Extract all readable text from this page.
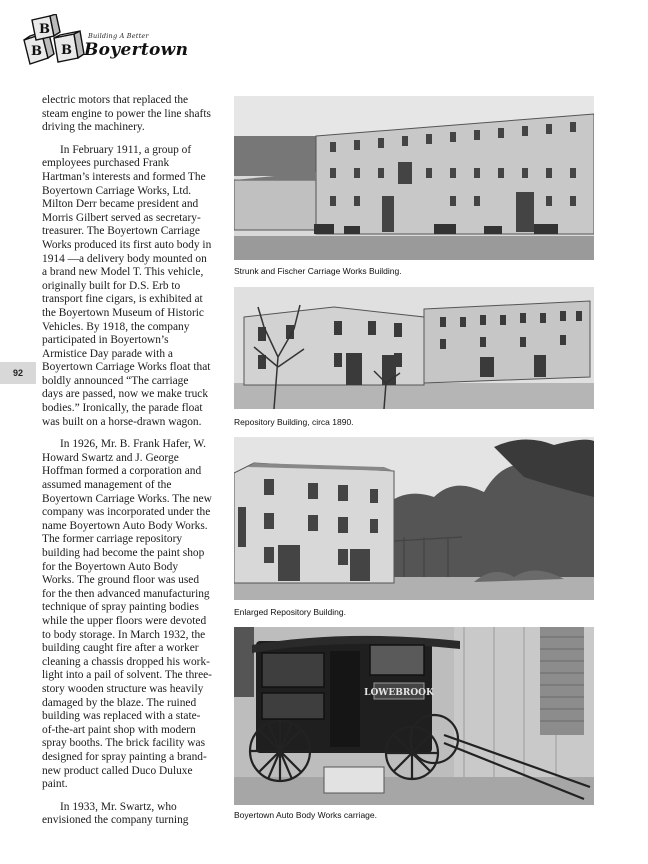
B
B
B
Building A Better
Boyertown
92

electric motors that replaced the steam engine to power the line shafts driving the machinery.

In February 1911, a group of employees purchased Frank Hartman’s interests and formed The Boyertown Carriage Works, Ltd. Milton Derr became president and Morris Gilbert served as secretary-treasurer. The Boyertown Carriage Works produced its first auto body in 1914 —a delivery body mounted on a brand new Model T. This vehicle, originally built for D.S. Erb to transport fine cigars, is exhibited at the Boyertown Museum of Historic Vehicles. By 1918, the company participated in Boyertown’s Armistice Day parade with a Boyertown Carriage Works float that boldly announced “The carriage days are passed, now we make truck bodies.” Ironically, the parade float was built on a horse-drawn wagon.

In 1926, Mr. B. Frank Hafer, W. Howard Swartz and J. George Hoffman formed a corporation and assumed management of the Boyertown Carriage Works. The new company was incorporated under the name Boyertown Auto Body Works. The former carriage repository building had become the paint shop for the Boyertown Auto Body Works. The ground floor was used for the then advanced manufacturing technique of spray painting bodies while the upper floors were devoted to body storage. In March 1932, the building caught fire after a worker cleaning a chassis dropped his work-light into a pail of solvent. The three-story wooden structure was heavily damaged by the blaze. The ruined building was replaced with a state-of-the-art paint shop with modern spray booths. The brick facility was designed for spray painting a brand-new product called Duco Duluxe paint.

In 1933, Mr. Swartz, who envisioned the company turning

Strunk and Fischer Carriage Works Building.
Repository Building, circa 1890.
Enlarged Repository Building.
LOWEBROOK
Boyertown Auto Body Works carriage.
